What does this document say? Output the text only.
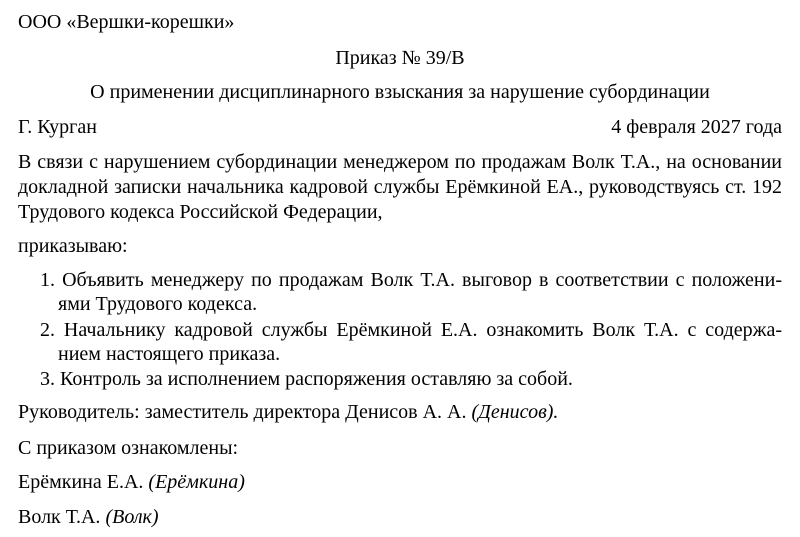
ООО «Вершки-корешки»
Приказ № 39/В
О применении дисциплинарного взыскания за нарушение субординации
Г. Курган	4 февраля 2027 года
В связи с нарушением субординации менеджером по продажам Волк Т.А., на основании
докладной записки начальника кадровой службы Ерёмкиной ЕА., руководствуясь ст. 192
Трудового кодекса Российской Федерации,
приказываю:
1. Объявить менеджеру по продажам Волк Т.А. выговор в соответствии с положени-
ями Трудового кодекса.
2. Начальнику кадровой службы Ерёмкиной Е.А. ознакомить Волк Т.А. с содержа-
нием настоящего приказа.
3. Контроль за исполнением распоряжения оставляю за собой.
Руководитель: заместитель директора Денисов А. А. (Денисов).
С приказом ознакомлены:
Ерёмкина Е.А. (Ерёмкина)
Волк Т.А. (Волк)
